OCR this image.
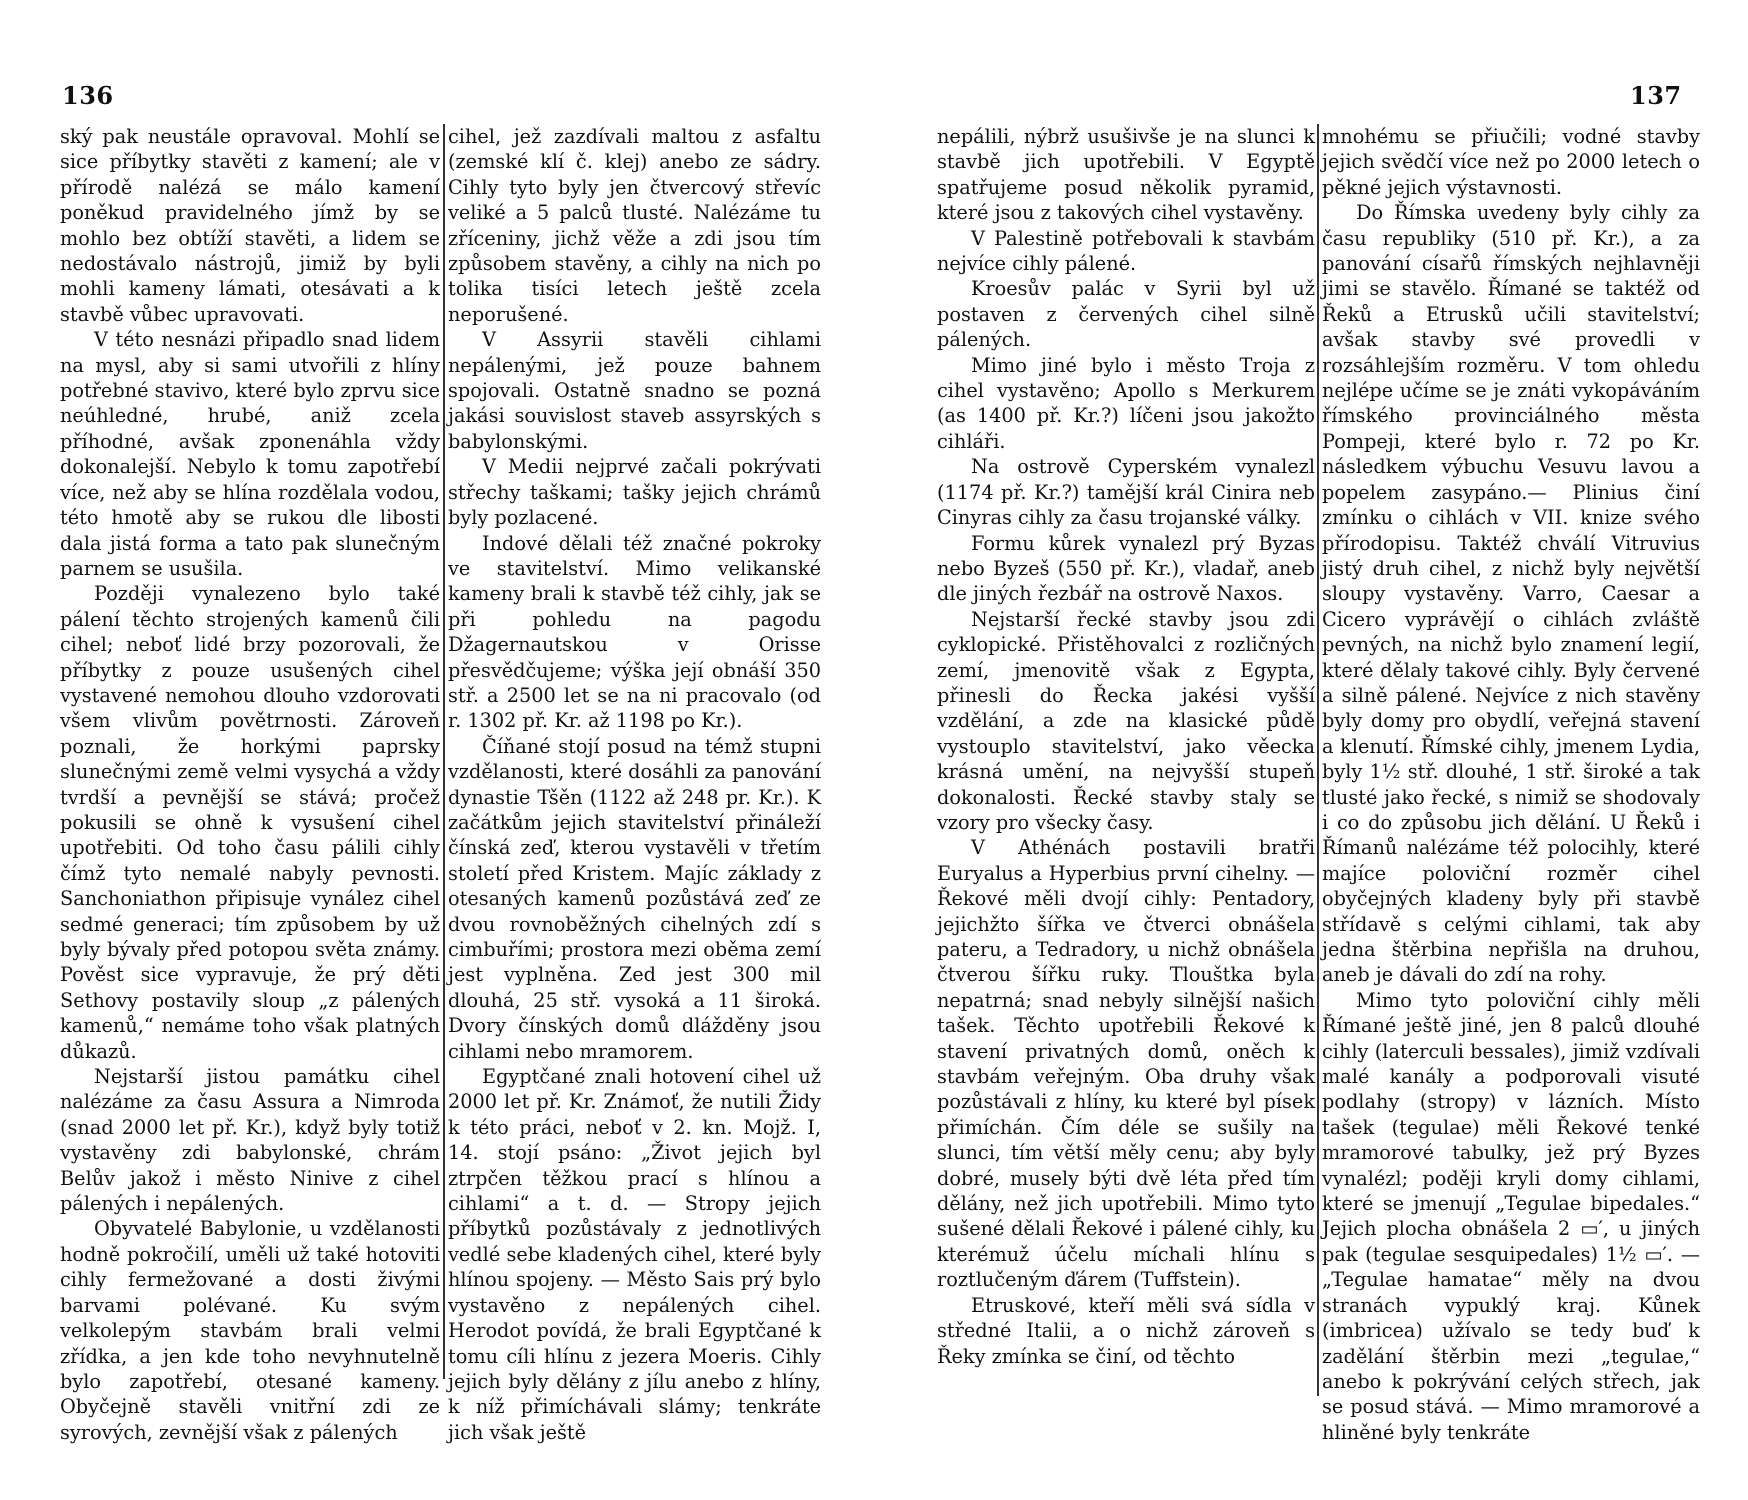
136

ský pak neustále opravoval. Mohlí se sice příbytky stavěti z kamení; ale v přírodě nalézá se málo kamení poněkud pravidelného jímž by se mohlo bez obtíží stavěti, a lidem se nedostávalo nástrojů, jimiž by byli mohli kameny lámati, otesávati a k stavbě vůbec upravovati.

V této nesnázi připadlo snad lidem na mysl, aby si sami utvořili z hlíny potřebné stavivo, které bylo zprvu sice neúhledné, hrubé, aniž zcela příhodné, avšak zponenáhla vždy dokonalejší. Nebylo k tomu zapotřebí více, než aby se hlína rozdělala vodou, této hmotě aby se rukou dle libosti dala jistá forma a tato pak slunečným parnem se usušila.

Později vynalezeno bylo také pálení těchto strojených kamenů čili cihel; neboť lidé brzy pozorovali, že příbytky z pouze usušených cihel vystavené nemohou dlouho vzdorovati všem vlivům povětrnosti. Zároveň poznali, že horkými paprsky slunečnými země velmi vysychá a vždy tvrdší a pevnější se stává; pročež pokusili se ohně k vysušení cihel upotřebiti. Od toho času pálili cihly čímž tyto nemalé nabyly pevnosti. Sanchoniathon připisuje vynález cihel sedmé generaci; tím způsobem by už byly bývaly před potopou světa známy. Pověst sice vypravuje, že prý děti Sethovy postavily sloup „z pálených kamenů,“ nemáme toho však platných důkazů.

Nejstarší jistou památku cihel nalézáme za času Assura a Nimroda (snad 2000 let př. Kr.), když byly totiž vystavěny zdi babylonské, chrám Belův jakož i město Ninive z cihel pálených i nepálených.

Obyvatelé Babylonie, u vzdělanosti hodně pokročilí, uměli už také hotoviti cihly fermežované a dosti živými barvami polévané. Ku svým velkolepým stavbám brali velmi zřídka, a jen kde toho nevyhnutelně bylo zapotřebí, otesané kameny. Obyčejně stavěli vnitřní zdi ze syrových, zevnější však z pálených

cihel, jež zazdívali maltou z asfaltu (zemské klí č. klej) anebo ze sádry. Cihly tyto byly jen čtvercový střevíc veliké a 5 palců tlusté. Nalézáme tu zříceniny, jichž věže a zdi jsou tím způsobem stavěny, a cihly na nich po tolika tisíci letech ještě zcela neporušené.

V Assyrii stavěli cihlami nepálenými, jež pouze bahnem spojovali. Ostatně snadno se pozná jakási souvislost staveb assyrských s babylonskými.

V Medii nejprvé začali pokrývati střechy taškami; tašky jejich chrámů byly pozlacené.

Indové dělali též značné pokroky ve stavitelství. Mimo velikanské kameny brali k stavbě též cihly, jak se při pohledu na pagodu Džagernautskou v Orisse přesvědčujeme; výška její obnáší 350 stř. a 2500 let se na ni pracovalo (od r. 1302 př. Kr. až 1198 po Kr.).

Číňané stojí posud na témž stupni vzdělanosti, které dosáhli za panování dynastie Tšěn (1122 až 248 pr. Kr.). K začátkům jejich stavitelství přináleží čínská zeď, kterou vystavěli v třetím století před Kristem. Majíc základy z otesaných kamenů pozůstává zeď ze dvou rovnoběžných cihelných zdí s cimbuřími; prostora mezi oběma zemí jest vyplněna. Zed jest 300 mil dlouhá, 25 stř. vysoká a 11 široká. Dvory čínských domů dlážděny jsou cihlami nebo mramorem.

Egyptčané znali hotovení cihel už 2000 let př. Kr. Známoť, že nutili Židy k této práci, neboť v 2. kn. Mojž. I, 14. stojí psáno: „Život jejich byl ztrpčen těžkou prací s hlínou a cihlami“ a t. d. — Stropy jejich příbytků pozůstávaly z jednotlivých vedlé sebe kladených cihel, které byly hlínou spojeny. — Město Sais prý bylo vystavěno z nepálených cihel. Herodot povídá, že brali Egyptčané k tomu cíli hlínu z jezera Moeris. Cihly jejich byly dělány z jílu anebo z hlíny, k níž přimíchávali slámy; tenkráte jich však ještě

137

nepálili, nýbrž usušivše je na slunci k stavbě jich upotřebili. V Egyptě spatřujeme posud několik pyramid, které jsou z takových cihel vystavěny.

V Palestině potřebovali k stavbám nejvíce cihly pálené.

Kroesův palác v Syrii byl už postaven z červených cihel silně pálených.

Mimo jiné bylo i město Troja z cihel vystavěno; Apollo s Merkurem (as 1400 př. Kr.?) líčeni jsou jakožto cihláři.

Na ostrově Cyperském vynalezl (1174 př. Kr.?) tamější král Cinira neb Cinyras cihly za času trojanské války.

Formu kůrek vynalezl prý Byzas nebo Byzeš (550 př. Kr.), vladař, aneb dle jiných řezbář na ostrově Naxos.

Nejstarší řecké stavby jsou zdi cyklopické. Přistěhovalci z rozličných zemí, jmenovitě však z Egypta, přinesli do Řecka jakési vyšší vzdělání, a zde na klasické půdě vystouplo stavitelství, jako věecka krásná umění, na nejvyšší stupeň dokonalosti. Řecké stavby staly se vzory pro všecky časy.

V Athénách postavili bratři Euryalus a Hyperbius první cihelny. — Řekové měli dvojí cihly: Pentadory, jejichžto šířka ve čtverci obnášela pateru, a Tedradory, u nichž obnášela čtverou šířku ruky. Tlouštka byla nepatrná; snad nebyly silnější našich tašek. Těchto upotřebili Řekové k stavení privatných domů, oněch k stavbám veřejným. Oba druhy však pozůstávali z hlíny, ku které byl písek přimíchán. Čím déle se sušily na slunci, tím větší měly cenu; aby byly dobré, musely býti dvě léta před tím dělány, než jich upotřebili. Mimo tyto sušené dělali Řekové i pálené cihly, ku kterémuž účelu míchali hlínu s roztlučeným ďárem (Tuffstein).

Etruskové, kteří měli svá sídla v středné Italii, a o nichž zároveň s Řeky zmínka se činí, od těchto

mnohému se přiučili; vodné stavby jejich svědčí více než po 2000 letech o pěkné jejich výstavnosti.

Do Římska uvedeny byly cihly za času republiky (510 př. Kr.), a za panování císařů římských nejhlavněji jimi se stavělo. Římané se taktéž od Řeků a Etrusků učili stavitelství; avšak stavby své provedli v rozsáhlejším rozměru. V tom ohledu nejlépe učíme se je znáti vykopáváním římského provinciálného města Pompeji, které bylo r. 72 po Kr. následkem výbuchu Vesuvu lavou a popelem zasypáno.— Plinius činí zmínku o cihlách v VII. knize svého přírodopisu. Taktéž chválí Vitruvius jistý druh cihel, z nichž byly největší sloupy vystavěny. Varro, Caesar a Cicero vyprávějí o cihlách zvláště pevných, na nichž bylo znamení legií, které dělaly takové cihly. Byly červené a silně pálené. Nejvíce z nich stavěny byly domy pro obydlí, veřejná stavení a klenutí. Římské cihly, jmenem Lydia, byly 1½ stř. dlouhé, 1 stř. široké a tak tlusté jako řecké, s nimiž se shodovaly i co do způsobu jich dělání. U Řeků i Římanů nalézáme též polocihly, které majíce poloviční rozměr cihel obyčejných kladeny byly při stavbě střídavě s celými cihlami, tak aby jedna štěrbina nepřišla na druhou, aneb je dávali do zdí na rohy.

Mimo tyto poloviční cihly měli Římané ještě jiné, jen 8 palců dlouhé cihly (laterculi bessales), jimiž vzdívali malé kanály a podporovali visuté podlahy (stropy) v lázních. Místo tašek (tegulae) měli Řekové tenké mramorové tabulky, jež prý Byzes vynalézl; poději kryli domy cihlami, které se jmenují „Tegulae bipedales.“ Jejich plocha obnášela 2 ▭′, u jiných pak (tegulae sesquipedales) 1½ ▭′. — „Tegulae hamatae“ měly na dvou stranách vypuklý kraj. Kůnek (imbricea) užívalo se tedy buď k zadělání štěrbin mezi „tegulae,“ anebo k pokrývání celých střech, jak se posud stává. — Mimo mramorové a hliněné byly tenkráte
